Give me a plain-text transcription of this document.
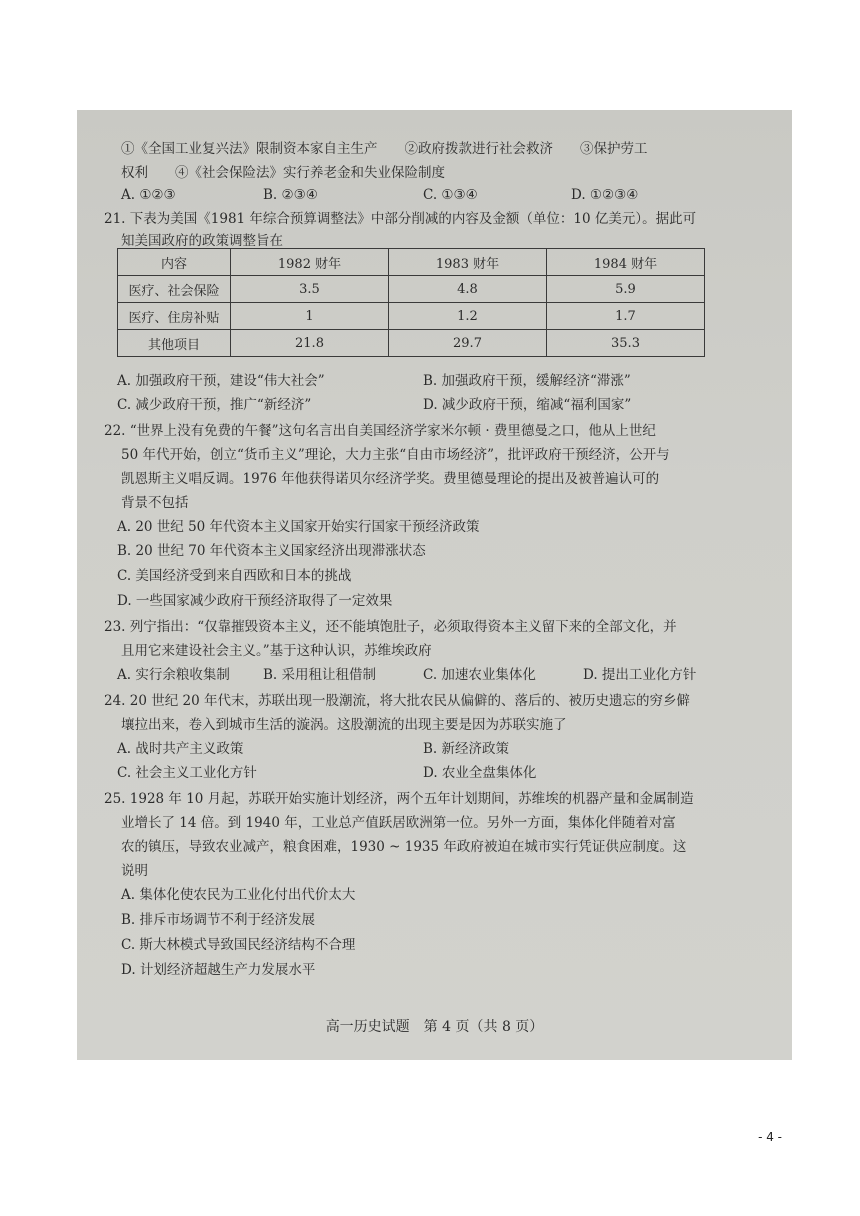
①《全国工业复兴法》限制资本家自主生产　　②政府拨款进行社会救济　　③保护劳工
权利　　④《社会保险法》实行养老金和失业保险制度
A. ①②③	B. ②③④	C. ①③④	D. ①②③④
21. 下表为美国《1981 年综合预算调整法》中部分削减的内容及金额（单位：10 亿美元）。据此可
知美国政府的政策调整旨在
内容	1982 财年	1983 财年	1984 财年
医疗、社会保险	3.5	4.8	5.9
医疗、住房补贴	1	1.2	1.7
其他项目	21.8	29.7	35.3
A. 加强政府干预，建设“伟大社会”	B. 加强政府干预，缓解经济“滞涨”
C. 减少政府干预，推广“新经济”	D. 减少政府干预，缩减“福利国家”
22. “世界上没有免费的午餐”这句名言出自美国经济学家米尔顿 · 费里德曼之口，他从上世纪
50 年代开始，创立“货币主义”理论，大力主张“自由市场经济”，批评政府干预经济，公开与
凯恩斯主义唱反调。1976 年他获得诺贝尔经济学奖。费里德曼理论的提出及被普遍认可的
背景不包括
A. 20 世纪 50 年代资本主义国家开始实行国家干预经济政策
B. 20 世纪 70 年代资本主义国家经济出现滞涨状态
C. 美国经济受到来自西欧和日本的挑战
D. 一些国家减少政府干预经济取得了一定效果
23. 列宁指出：“仅靠摧毁资本主义，还不能填饱肚子，必须取得资本主义留下来的全部文化，并
且用它来建设社会主义。”基于这种认识，苏维埃政府
A. 实行余粮收集制 B. 采用租让租借制	C. 加速农业集体化	D. 提出工业化方针
24. 20 世纪 20 年代末，苏联出现一股潮流，将大批农民从偏僻的、落后的、被历史遗忘的穷乡僻
壤拉出来，卷入到城市生活的漩涡。这股潮流的出现主要是因为苏联实施了
A. 战时共产主义政策	B. 新经济政策
C. 社会主义工业化方针	D. 农业全盘集体化
25. 1928 年 10 月起，苏联开始实施计划经济，两个五年计划期间，苏维埃的机器产量和金属制造
业增长了 14 倍。到 1940 年，工业总产值跃居欧洲第一位。另外一方面，集体化伴随着对富
农的镇压，导致农业减产，粮食困难，1930 ~ 1935 年政府被迫在城市实行凭证供应制度。这
说明
A. 集体化使农民为工业化付出代价太大
B. 排斥市场调节不利于经济发展
C. 斯大林模式导致国民经济结构不合理
D. 计划经济超越生产力发展水平
高一历史试题　第 4 页（共 8 页）
- 4 -
